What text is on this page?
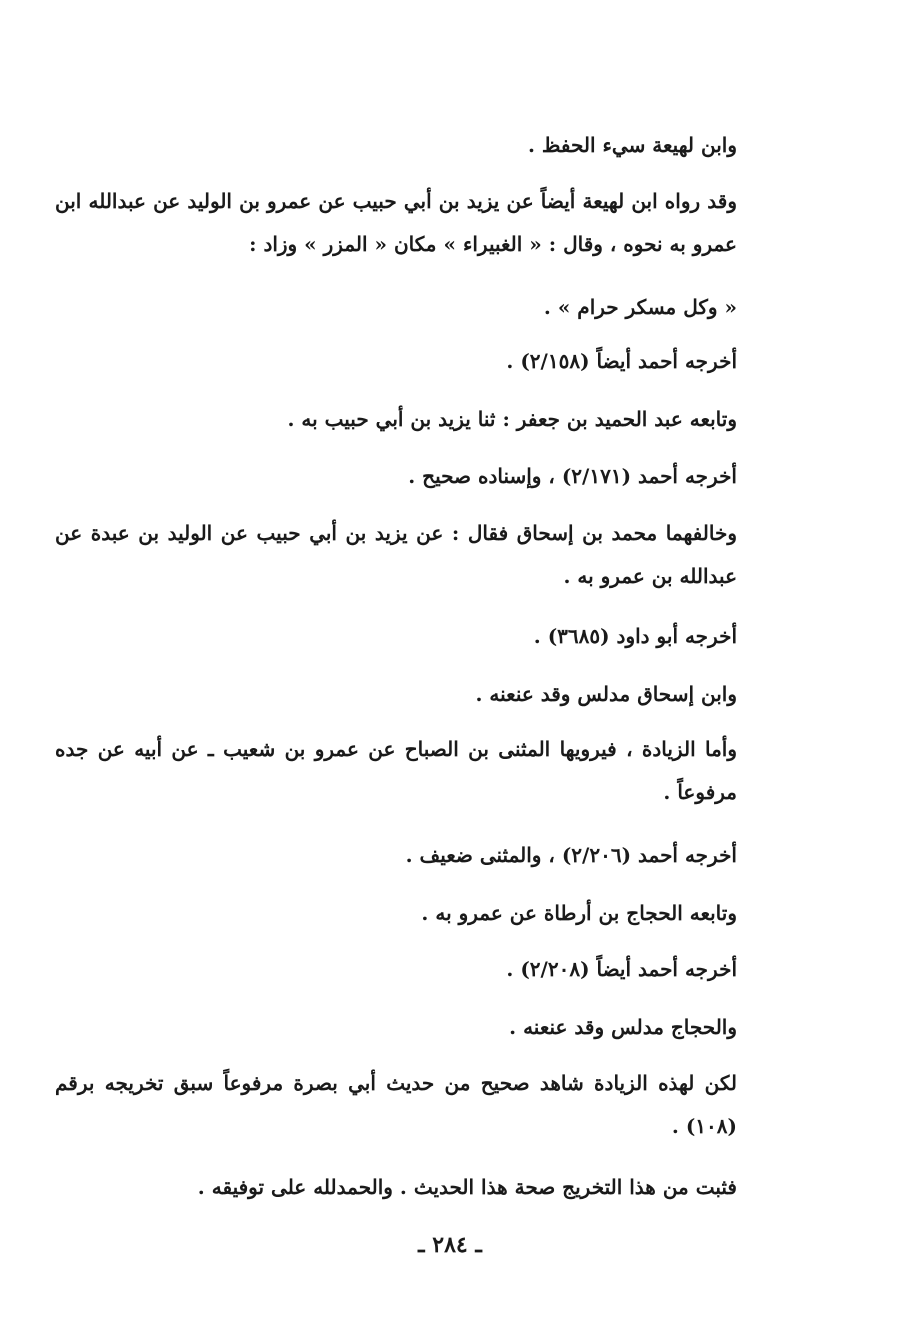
وابن لهيعة سيء الحفظ .

وقد رواه ابن لهيعة أيضاً عن يزيد بن أبي حبيب عن عمرو بن الوليد عن عبدالله ابن عمرو به نحوه ، وقال : « الغبيراء » مكان « المزر » وزاد :

« وكل مسكر حرام » .

أخرجه أحمد أيضاً (٢/١٥٨) .

وتابعه عبد الحميد بن جعفر : ثنا يزيد بن أبي حبيب به .

أخرجه أحمد (٢/١٧١) ، وإسناده صحيح .

وخالفهما محمد بن إسحاق فقال : عن يزيد بن أبي حبيب عن الوليد بن عبدة عن عبدالله بن عمرو به .

أخرجه أبو داود (٣٦٨٥) .

وابن إسحاق مدلس وقد عنعنه .

وأما الزيادة ، فيرويها المثنى بن الصباح عن عمرو بن شعيب ـ عن أبيه عن جده مرفوعاً .

أخرجه أحمد (٢/٢٠٦) ، والمثنى ضعيف .

وتابعه الحجاج بن أرطاة عن عمرو به .

أخرجه أحمد أيضاً (٢/٢٠٨) .

والحجاج مدلس وقد عنعنه .

لكن لهذه الزيادة شاهد صحيح من حديث أبي بصرة مرفوعاً سبق تخريجه برقم (١٠٨) .

فثبت من هذا التخريج صحة هذا الحديث . والحمدلله على توفيقه .

ـ ٢٨٤ ـ
